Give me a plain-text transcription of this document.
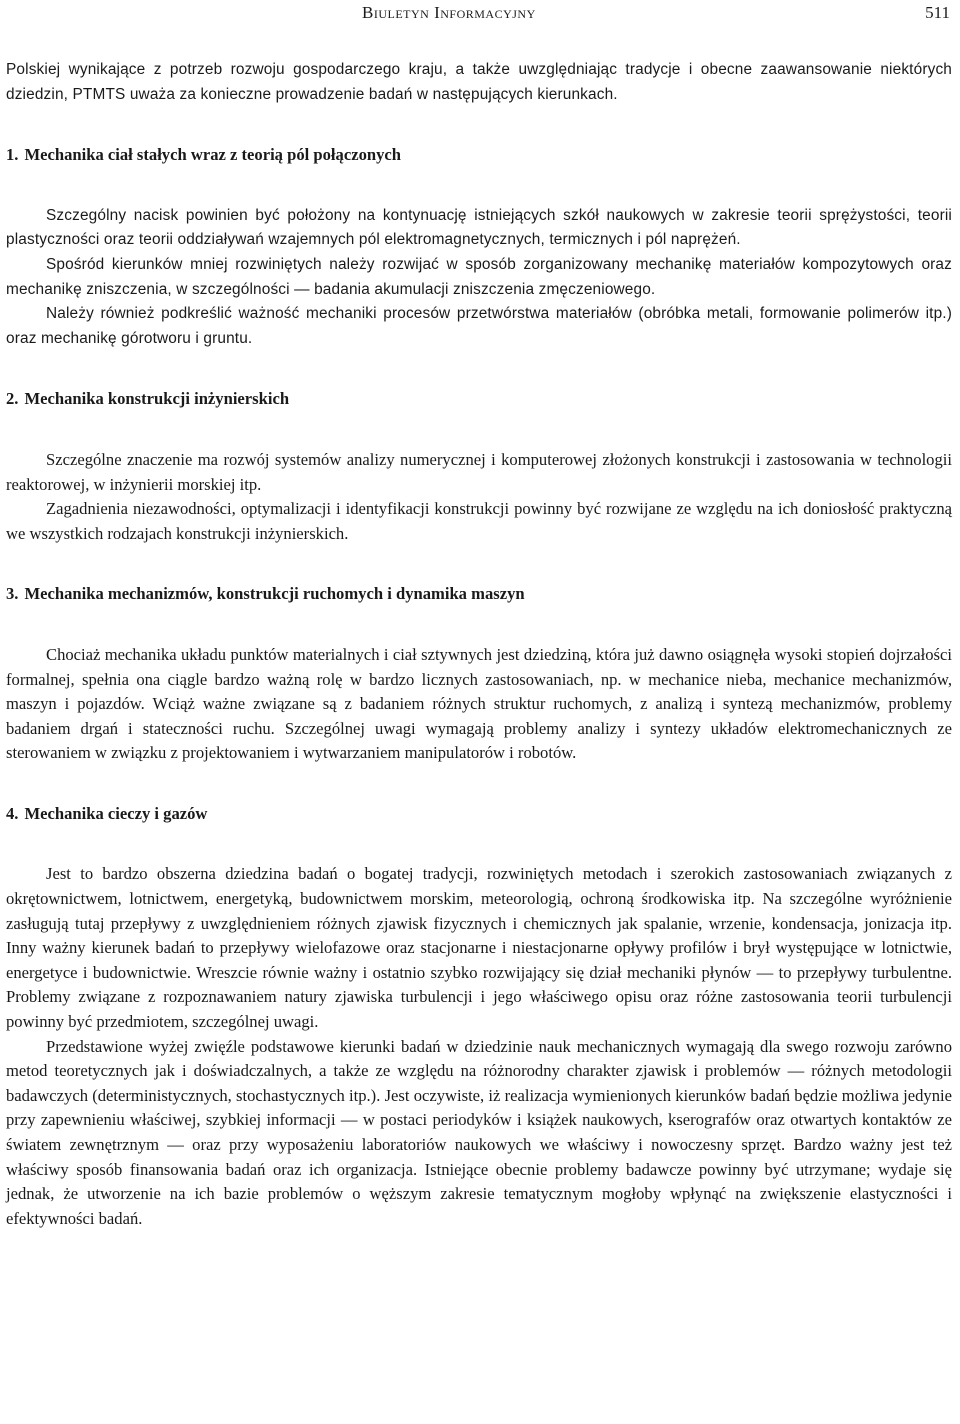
Biuletyn Informacyjny	511

Polskiej wynikające z potrzeb rozwoju gospodarczego kraju, a także uwzględniając tradycje i obecne zaawansowanie niektórych dziedzin, PTMTS uważa za konieczne prowadzenie badań w następujących kierunkach.

1. Mechanika ciał stałych wraz z teorią pól połączonych

Szczególny nacisk powinien być położony na kontynuację istniejących szkół naukowych w zakresie teorii sprężystości, teorii plastyczności oraz teorii oddziaływań wzajemnych pól elektromagnetycznych, termicznych i pól naprężeń.

Spośród kierunków mniej rozwiniętych należy rozwijać w sposób zorganizowany mechanikę materiałów kompozytowych oraz mechanikę zniszczenia, w szczególności — badania akumulacji zniszczenia zmęczeniowego.

Należy również podkreślić ważność mechaniki procesów przetwórstwa materiałów (obróbka metali, formowanie polimerów itp.) oraz mechanikę górotworu i gruntu.

2. Mechanika konstrukcji inżynierskich

Szczególne znaczenie ma rozwój systemów analizy numerycznej i komputerowej złożonych konstrukcji i zastosowania w technologii reaktorowej, w inżynierii morskiej itp.

Zagadnienia niezawodności, optymalizacji i identyfikacji konstrukcji powinny być rozwijane ze względu na ich doniosłość praktyczną we wszystkich rodzajach konstrukcji inżynierskich.

3. Mechanika mechanizmów, konstrukcji ruchomych i dynamika maszyn

Chociaż mechanika układu punktów materialnych i ciał sztywnych jest dziedziną, która już dawno osiągnęła wysoki stopień dojrzałości formalnej, spełnia ona ciągle bardzo ważną rolę w bardzo licznych zastosowaniach, np. w mechanice nieba, mechanice mechanizmów, maszyn i pojazdów. Wciąż ważne związane są z badaniem różnych struktur ruchomych, z analizą i syntezą mechanizmów, problemy badaniem drgań i stateczności ruchu. Szczególnej uwagi wymagają problemy analizy i syntezy układów elektromechanicznych ze sterowaniem w związku z projektowaniem i wytwarzaniem manipulatorów i robotów.

4. Mechanika cieczy i gazów

Jest to bardzo obszerna dziedzina badań o bogatej tradycji, rozwiniętych metodach i szerokich zastosowaniach związanych z okrętownictwem, lotnictwem, energetyką, budownictwem morskim, meteorologią, ochroną środkowiska itp. Na szczególne wyróżnienie zasługują tutaj przepływy z uwzględnieniem różnych zjawisk fizycznych i chemicznych jak spalanie, wrzenie, kondensacja, jonizacja itp. Inny ważny kierunek badań to przepływy wielofazowe oraz stacjonarne i niestacjonarne opływy profilów i brył występujące w lotnictwie, energetyce i budownictwie. Wreszcie równie ważny i ostatnio szybko rozwijający się dział mechaniki płynów — to przepływy turbulentne. Problemy związane z rozpoznawaniem natury zjawiska turbulencji i jego właściwego opisu oraz różne zastosowania teorii turbulencji powinny być przedmiotem, szczególnej uwagi.

Przedstawione wyżej zwięźle podstawowe kierunki badań w dziedzinie nauk mechanicznych wymagają dla swego rozwoju zarówno metod teoretycznych jak i doświadczalnych, a także ze względu na różnorodny charakter zjawisk i problemów — różnych metodologii badawczych (deterministycznych, stochastycznych itp.). Jest oczywiste, iż realizacja wymienionych kierunków badań będzie możliwa jedynie przy zapewnieniu właściwej, szybkiej informacji — w postaci periodyków i książek naukowych, kserografów oraz otwartych kontaktów ze światem zewnętrznym — oraz przy wyposażeniu laboratoriów naukowych we właściwy i nowoczesny sprzęt. Bardzo ważny jest też właściwy sposób finansowania badań oraz ich organizacja. Istniejące obecnie problemy badawcze powinny być utrzymane; wydaje się jednak, że utworzenie na ich bazie problemów o węższym zakresie tematycznym mogłoby wpłynąć na zwiększenie elastyczności i efektywności badań.
